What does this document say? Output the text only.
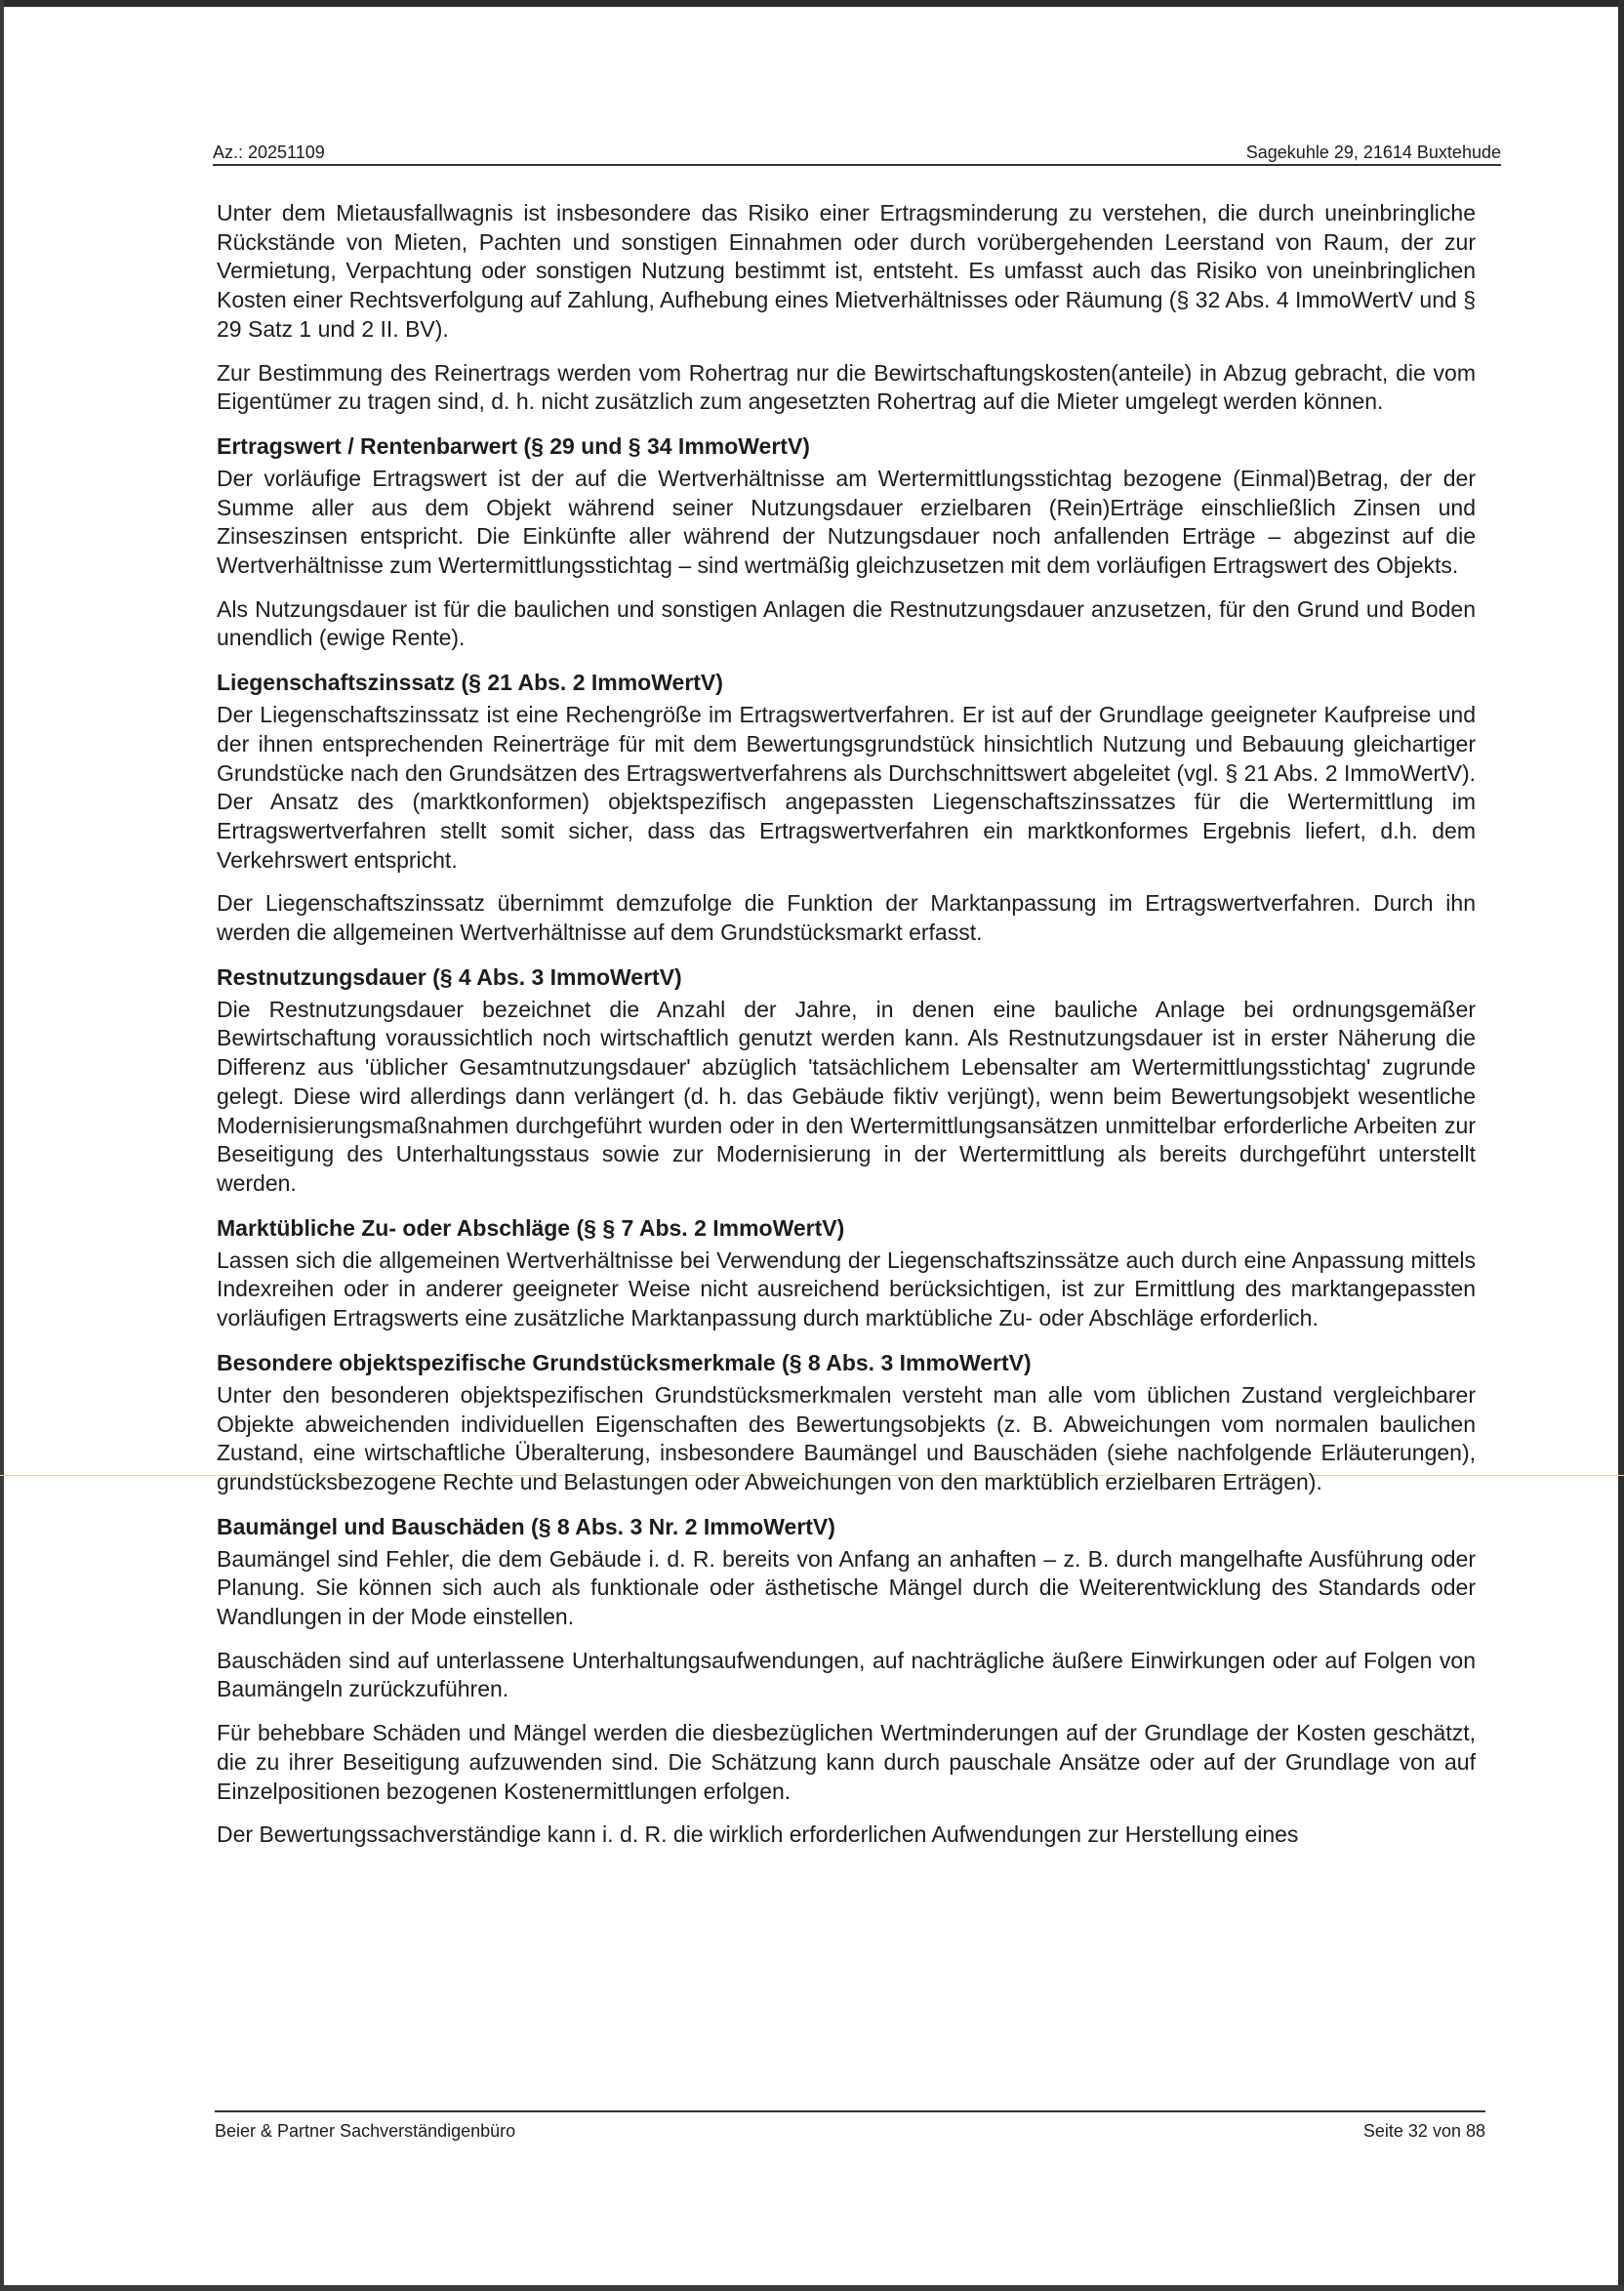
Az.: 20251109	Sagekuhle 29, 21614 Buxtehude

Unter dem Mietausfallwagnis ist insbesondere das Risiko einer Ertragsminderung zu verstehen, die durch uneinbringliche Rückstände von Mieten, Pachten und sonstigen Einnahmen oder durch vorübergehenden Leerstand von Raum, der zur Vermietung, Verpachtung oder sonstigen Nutzung bestimmt ist, entsteht. Es umfasst auch das Risiko von uneinbringlichen Kosten einer Rechtsverfolgung auf Zahlung, Aufhebung eines Mietverhältnisses oder Räumung (§ 32 Abs. 4 ImmoWertV und § 29 Satz 1 und 2 II. BV).

Zur Bestimmung des Reinertrags werden vom Rohertrag nur die Bewirtschaftungskosten(anteile) in Abzug gebracht, die vom Eigentümer zu tragen sind, d. h. nicht zusätzlich zum angesetzten Rohertrag auf die Mieter umgelegt werden können.

Ertragswert / Rentenbarwert (§ 29 und § 34 ImmoWertV)

Der vorläufige Ertragswert ist der auf die Wertverhältnisse am Wertermittlungsstichtag bezogene (Einmal)Betrag, der der Summe aller aus dem Objekt während seiner Nutzungsdauer erzielbaren (Rein)Erträge einschließlich Zinsen und Zinseszinsen entspricht. Die Einkünfte aller während der Nutzungsdauer noch anfallenden Erträge – abgezinst auf die Wertverhältnisse zum Wertermittlungsstichtag – sind wertmäßig gleichzusetzen mit dem vorläufigen Ertragswert des Objekts.

Als Nutzungsdauer ist für die baulichen und sonstigen Anlagen die Restnutzungsdauer anzusetzen, für den Grund und Boden unendlich (ewige Rente).

Liegenschaftszinssatz (§ 21 Abs. 2 ImmoWertV)

Der Liegenschaftszinssatz ist eine Rechengröße im Ertragswertverfahren. Er ist auf der Grundlage geeigneter Kaufpreise und der ihnen entsprechenden Reinerträge für mit dem Bewertungsgrundstück hinsichtlich Nutzung und Bebauung gleichartiger Grundstücke nach den Grundsätzen des Ertragswertverfahrens als Durchschnittswert abgeleitet (vgl. § 21 Abs. 2 ImmoWertV). Der Ansatz des (marktkonformen) objektspezifisch angepassten Liegenschaftszinssatzes für die Wertermittlung im Ertragswertverfahren stellt somit sicher, dass das Ertragswertverfahren ein marktkonformes Ergebnis liefert, d.h. dem Verkehrswert entspricht.

Der Liegenschaftszinssatz übernimmt demzufolge die Funktion der Marktanpassung im Ertragswertverfahren. Durch ihn werden die allgemeinen Wertverhältnisse auf dem Grundstücksmarkt erfasst.

Restnutzungsdauer (§ 4 Abs. 3 ImmoWertV)

Die Restnutzungsdauer bezeichnet die Anzahl der Jahre, in denen eine bauliche Anlage bei ordnungsgemäßer Bewirtschaftung voraussichtlich noch wirtschaftlich genutzt werden kann. Als Restnutzungsdauer ist in erster Näherung die Differenz aus 'üblicher Gesamtnutzungsdauer' abzüglich 'tatsächlichem Lebensalter am Wertermittlungsstichtag' zugrunde gelegt. Diese wird allerdings dann verlängert (d. h. das Gebäude fiktiv verjüngt), wenn beim Bewertungsobjekt wesentliche Modernisierungsmaßnahmen durchgeführt wurden oder in den Wertermittlungsansätzen unmittelbar erforderliche Arbeiten zur Beseitigung des Unterhaltungsstaus sowie zur Modernisierung in der Wertermittlung als bereits durchgeführt unterstellt werden.

Marktübliche Zu- oder Abschläge (§ § 7 Abs. 2 ImmoWertV)

Lassen sich die allgemeinen Wertverhältnisse bei Verwendung der Liegenschaftszinssätze auch durch eine Anpassung mittels Indexreihen oder in anderer geeigneter Weise nicht ausreichend berücksichtigen, ist zur Ermittlung des marktangepassten vorläufigen Ertragswerts eine zusätzliche Marktanpassung durch marktübliche Zu- oder Abschläge erforderlich.

Besondere objektspezifische Grundstücksmerkmale (§ 8 Abs. 3 ImmoWertV)

Unter den besonderen objektspezifischen Grundstücksmerkmalen versteht man alle vom üblichen Zustand vergleichbarer Objekte abweichenden individuellen Eigenschaften des Bewertungsobjekts (z. B. Abweichungen vom normalen baulichen Zustand, eine wirtschaftliche Überalterung, insbesondere Baumängel und Bauschäden (siehe nachfolgende Erläuterungen), grundstücksbezogene Rechte und Belastungen oder Abweichungen von den marktüblich erzielbaren Erträgen).

Baumängel und Bauschäden (§ 8 Abs. 3 Nr. 2 ImmoWertV)

Baumängel sind Fehler, die dem Gebäude i. d. R. bereits von Anfang an anhaften – z. B. durch mangelhafte Ausführung oder Planung. Sie können sich auch als funktionale oder ästhetische Mängel durch die Weiterentwicklung des Standards oder Wandlungen in der Mode einstellen.

Bauschäden sind auf unterlassene Unterhaltungsaufwendungen, auf nachträgliche äußere Einwirkungen oder auf Folgen von Baumängeln zurückzuführen.

Für behebbare Schäden und Mängel werden die diesbezüglichen Wertminderungen auf der Grundlage der Kosten geschätzt, die zu ihrer Beseitigung aufzuwenden sind. Die Schätzung kann durch pauschale Ansätze oder auf der Grundlage von auf Einzelpositionen bezogenen Kostenermittlungen erfolgen.

Der Bewertungssachverständige kann i. d. R. die wirklich erforderlichen Aufwendungen zur Herstellung eines

Beier & Partner Sachverständigenbüro	Seite 32 von 88
